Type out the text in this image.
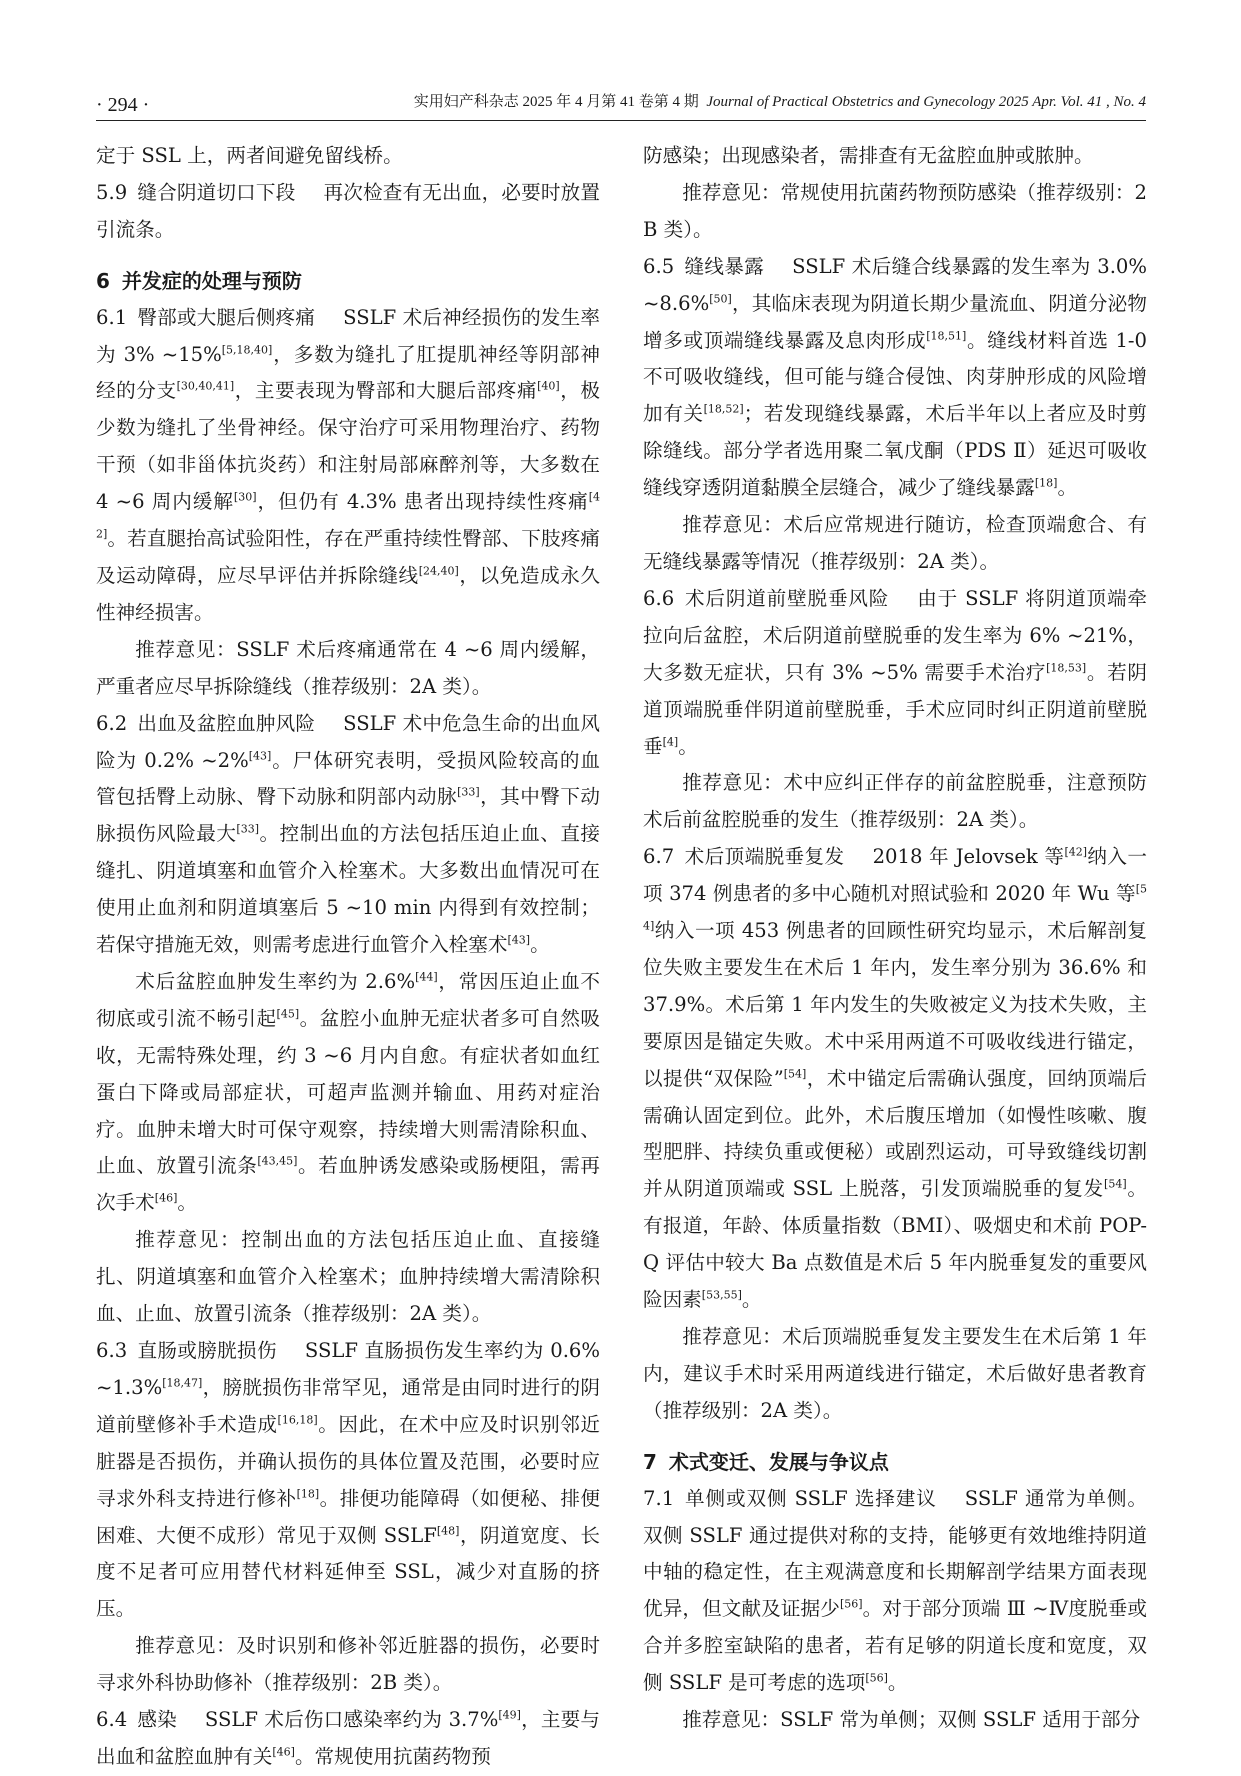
· 294 ·	实用妇产科杂志 2025 年 4 月第 41 卷第 4 期 Journal of Practical Obstetrics and Gynecology 2025 Apr. Vol. 41 , No. 4

定于 SSL 上，两者间避免留线桥。

5.9 缝合阴道切口下段 再次检查有无出血，必要时放置引流条。

6 并发症的处理与预防

6.1 臀部或大腿后侧疼痛 SSLF 术后神经损伤的发生率为 3% ~15%[5,18,40]，多数为缝扎了肛提肌神经等阴部神经的分支[30,40,41]，主要表现为臀部和大腿后部疼痛[40]，极少数为缝扎了坐骨神经。保守治疗可采用物理治疗、药物干预（如非甾体抗炎药）和注射局部麻醉剂等，大多数在 4 ~6 周内缓解[30]，但仍有 4.3% 患者出现持续性疼痛[42]。若直腿抬高试验阳性，存在严重持续性臀部、下肢疼痛及运动障碍，应尽早评估并拆除缝线[24,40]，以免造成永久性神经损害。

推荐意见：SSLF 术后疼痛通常在 4 ~6 周内缓解，严重者应尽早拆除缝线（推荐级别：2A 类）。

6.2 出血及盆腔血肿风险 SSLF 术中危急生命的出血风险为 0.2% ~2%[43]。尸体研究表明，受损风险较高的血管包括臀上动脉、臀下动脉和阴部内动脉[33]，其中臀下动脉损伤风险最大[33]。控制出血的方法包括压迫止血、直接缝扎、阴道填塞和血管介入栓塞术。大多数出血情况可在使用止血剂和阴道填塞后 5 ~10 min 内得到有效控制；若保守措施无效，则需考虑进行血管介入栓塞术[43]。

术后盆腔血肿发生率约为 2.6%[44]，常因压迫止血不彻底或引流不畅引起[45]。盆腔小血肿无症状者多可自然吸收，无需特殊处理，约 3 ~6 月内自愈。有症状者如血红蛋白下降或局部症状，可超声监测并输血、用药对症治疗。血肿未增大时可保守观察，持续增大则需清除积血、止血、放置引流条[43,45]。若血肿诱发感染或肠梗阻，需再次手术[46]。

推荐意见：控制出血的方法包括压迫止血、直接缝扎、阴道填塞和血管介入栓塞术；血肿持续增大需清除积血、止血、放置引流条（推荐级别：2A 类）。

6.3 直肠或膀胱损伤 SSLF 直肠损伤发生率约为 0.6% ~1.3%[18,47]，膀胱损伤非常罕见，通常是由同时进行的阴道前壁修补手术造成[16,18]。因此，在术中应及时识别邻近脏器是否损伤，并确认损伤的具体位置及范围，必要时应寻求外科支持进行修补[18]。排便功能障碍（如便秘、排便困难、大便不成形）常见于双侧 SSLF[48]，阴道宽度、长度不足者可应用替代材料延伸至 SSL，减少对直肠的挤压。

推荐意见：及时识别和修补邻近脏器的损伤，必要时寻求外科协助修补（推荐级别：2B 类）。

6.4 感染 SSLF 术后伤口感染率约为 3.7%[49]，主要与出血和盆腔血肿有关[46]。常规使用抗菌药物预

防感染；出现感染者，需排查有无盆腔血肿或脓肿。

推荐意见：常规使用抗菌药物预防感染（推荐级别：2B 类）。

6.5 缝线暴露 SSLF 术后缝合线暴露的发生率为 3.0% ~8.6%[50]，其临床表现为阴道长期少量流血、阴道分泌物增多或顶端缝线暴露及息肉形成[18,51]。缝线材料首选 1-0 不可吸收缝线，但可能与缝合侵蚀、肉芽肿形成的风险增加有关[18,52]；若发现缝线暴露，术后半年以上者应及时剪除缝线。部分学者选用聚二氧戊酮（PDS Ⅱ）延迟可吸收缝线穿透阴道黏膜全层缝合，减少了缝线暴露[18]。

推荐意见：术后应常规进行随访，检查顶端愈合、有无缝线暴露等情况（推荐级别：2A 类）。

6.6 术后阴道前壁脱垂风险 由于 SSLF 将阴道顶端牵拉向后盆腔，术后阴道前壁脱垂的发生率为 6% ~21%，大多数无症状，只有 3% ~5% 需要手术治疗[18,53]。若阴道顶端脱垂伴阴道前壁脱垂，手术应同时纠正阴道前壁脱垂[4]。

推荐意见：术中应纠正伴存的前盆腔脱垂，注意预防术后前盆腔脱垂的发生（推荐级别：2A 类）。

6.7 术后顶端脱垂复发 2018 年 Jelovsek 等[42]纳入一项 374 例患者的多中心随机对照试验和 2020 年 Wu 等[54]纳入一项 453 例患者的回顾性研究均显示，术后解剖复位失败主要发生在术后 1 年内，发生率分别为 36.6% 和 37.9%。术后第 1 年内发生的失败被定义为技术失败，主要原因是锚定失败。术中采用两道不可吸收线进行锚定，以提供“双保险”[54]，术中锚定后需确认强度，回纳顶端后需确认固定到位。此外，术后腹压增加（如慢性咳嗽、腹型肥胖、持续负重或便秘）或剧烈运动，可导致缝线切割并从阴道顶端或 SSL 上脱落，引发顶端脱垂的复发[54]。有报道，年龄、体质量指数（BMI）、吸烟史和术前 POP-Q 评估中较大 Ba 点数值是术后 5 年内脱垂复发的重要风险因素[53,55]。

推荐意见：术后顶端脱垂复发主要发生在术后第 1 年内，建议手术时采用两道线进行锚定，术后做好患者教育（推荐级别：2A 类）。

7 术式变迁、发展与争议点

7.1 单侧或双侧 SSLF 选择建议 SSLF 通常为单侧。双侧 SSLF 通过提供对称的支持，能够更有效地维持阴道中轴的稳定性，在主观满意度和长期解剖学结果方面表现优异，但文献及证据少[56]。对于部分顶端 Ⅲ ~Ⅳ度脱垂或合并多腔室缺陷的患者，若有足够的阴道长度和宽度，双侧 SSLF 是可考虑的选项[56]。

推荐意见：SSLF 常为单侧；双侧 SSLF 适用于部分
